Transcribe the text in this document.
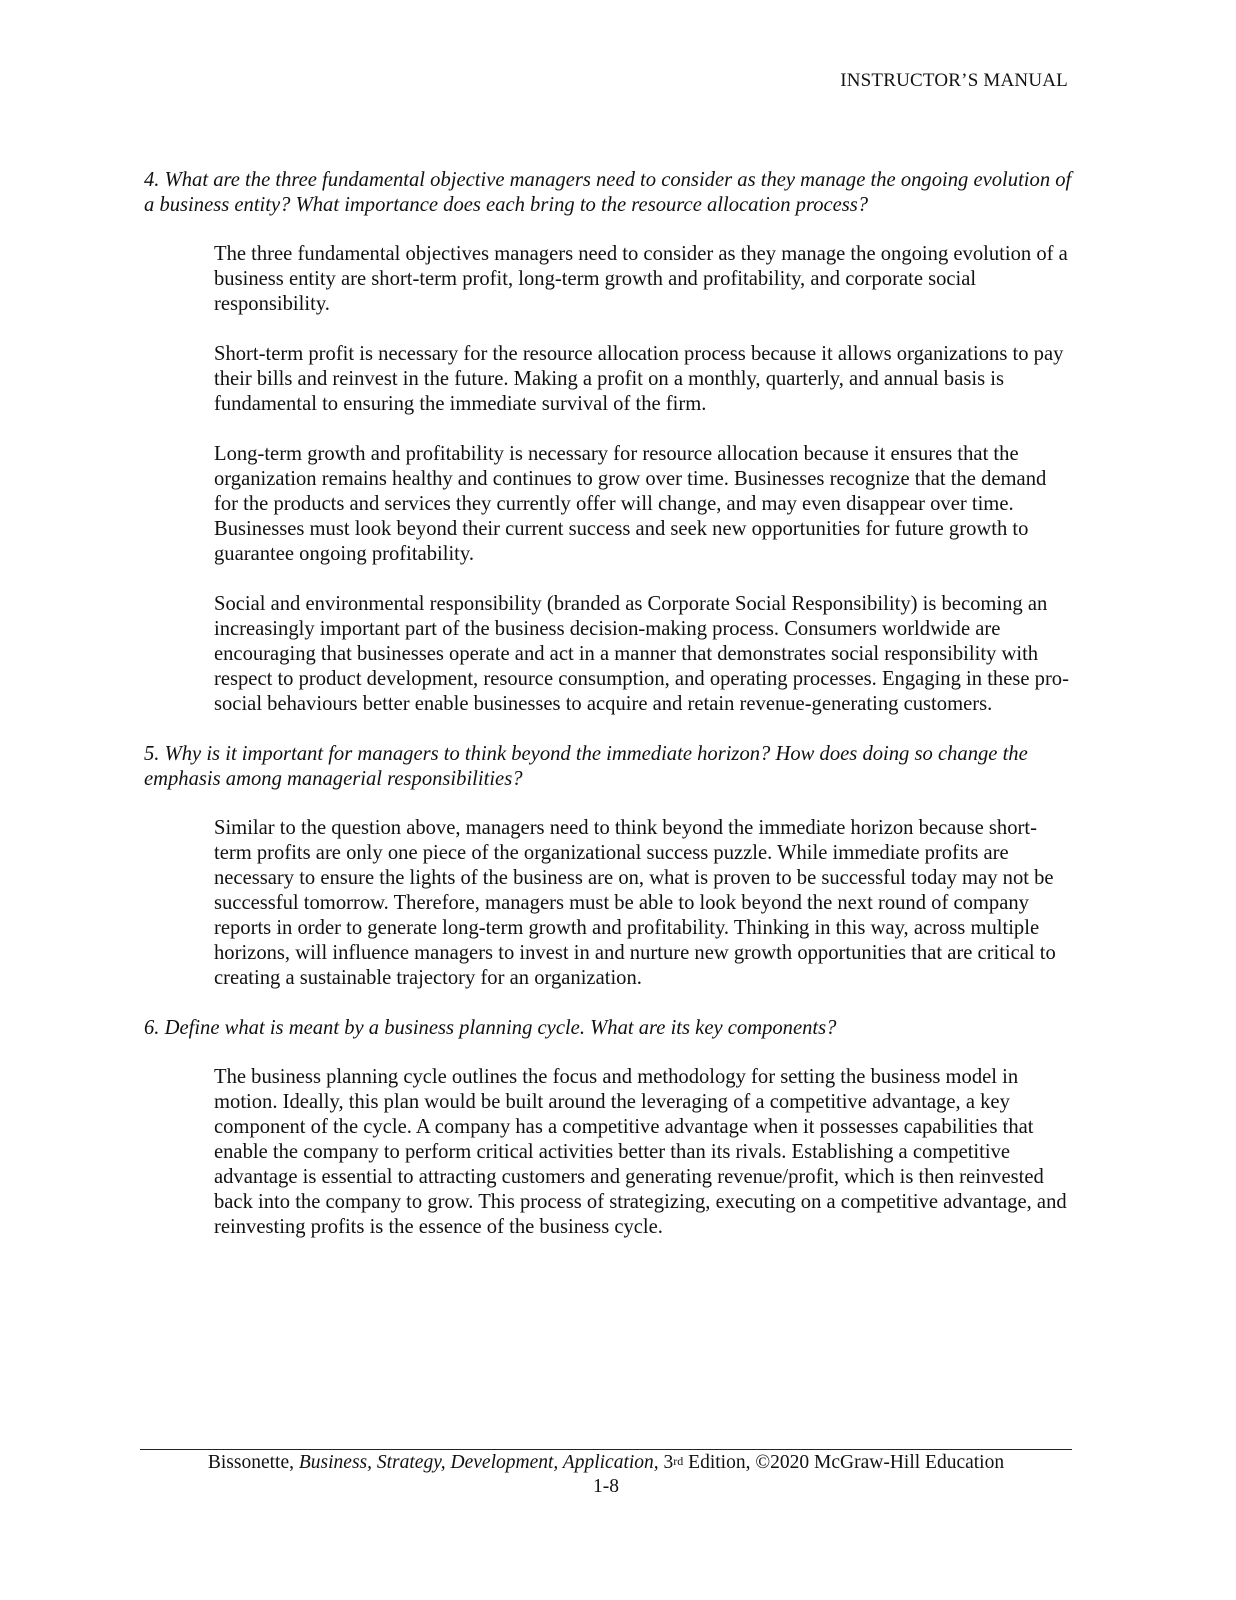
INSTRUCTOR’S MANUAL
4. What are the three fundamental objective managers need to consider as they manage the ongoing evolution of a business entity? What importance does each bring to the resource allocation process?

The three fundamental objectives managers need to consider as they manage the ongoing evolution of a business entity are short-term profit, long-term growth and profitability, and corporate social responsibility.

Short-term profit is necessary for the resource allocation process because it allows organizations to pay their bills and reinvest in the future. Making a profit on a monthly, quarterly, and annual basis is fundamental to ensuring the immediate survival of the firm.

Long-term growth and profitability is necessary for resource allocation because it ensures that the organization remains healthy and continues to grow over time. Businesses recognize that the demand for the products and services they currently offer will change, and may even disappear over time. Businesses must look beyond their current success and seek new opportunities for future growth to guarantee ongoing profitability.

Social and environmental responsibility (branded as Corporate Social Responsibility) is becoming an increasingly important part of the business decision-making process. Consumers worldwide are encouraging that businesses operate and act in a manner that demonstrates social responsibility with respect to product development, resource consumption, and operating processes. Engaging in these pro-social behaviours better enable businesses to acquire and retain revenue-generating customers.

5. Why is it important for managers to think beyond the immediate horizon? How does doing so change the emphasis among managerial responsibilities?

Similar to the question above, managers need to think beyond the immediate horizon because short-term profits are only one piece of the organizational success puzzle. While immediate profits are necessary to ensure the lights of the business are on, what is proven to be successful today may not be successful tomorrow. Therefore, managers must be able to look beyond the next round of company reports in order to generate long-term growth and profitability. Thinking in this way, across multiple horizons, will influence managers to invest in and nurture new growth opportunities that are critical to creating a sustainable trajectory for an organization.

6. Define what is meant by a business planning cycle. What are its key components?

The business planning cycle outlines the focus and methodology for setting the business model in motion. Ideally, this plan would be built around the leveraging of a competitive advantage, a key component of the cycle. A company has a competitive advantage when it possesses capabilities that enable the company to perform critical activities better than its rivals. Establishing a competitive advantage is essential to attracting customers and generating revenue/profit, which is then reinvested back into the company to grow. This process of strategizing, executing on a competitive advantage, and reinvesting profits is the essence of the business cycle.

Bissonette, Business, Strategy, Development, Application, 3rd Edition, ©2020 McGraw-Hill Education
1-8
